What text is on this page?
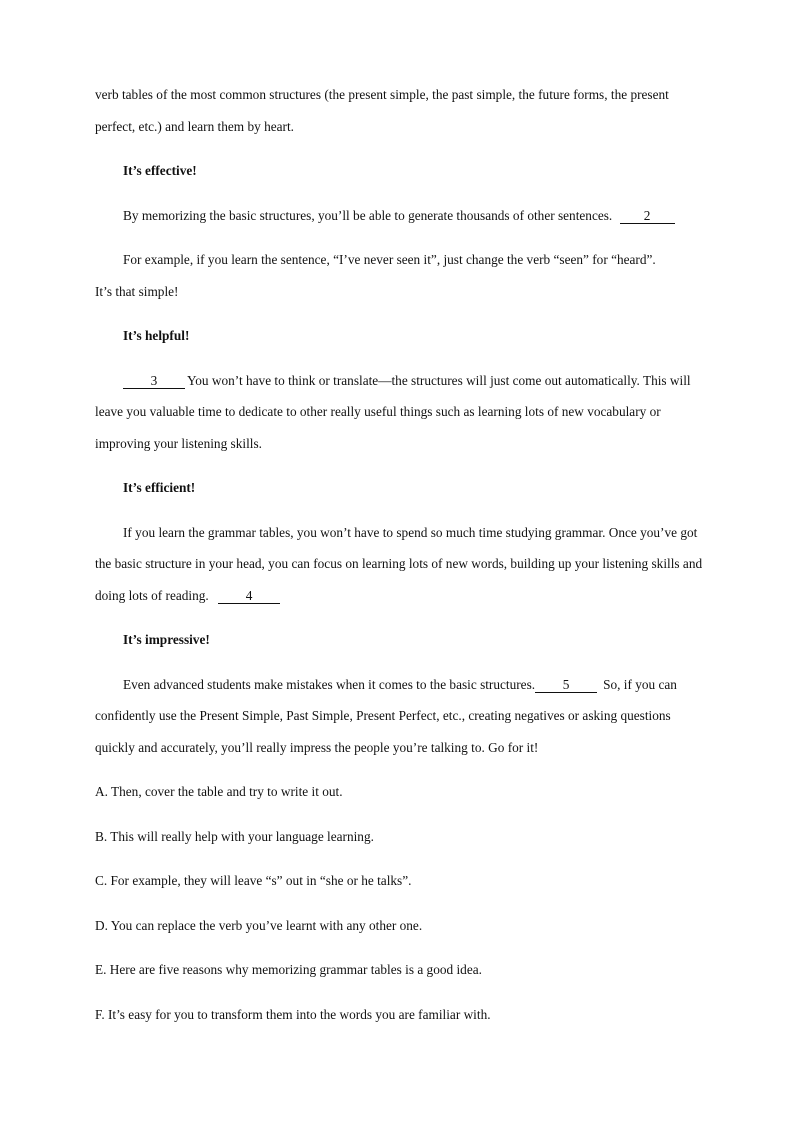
verb tables of the most common structures (the present simple, the past simple, the future forms, the present
perfect, etc.) and learn them by heart.

It’s effective!

By memorizing the basic structures, you’ll be able to generate thousands of other sentences. 2

For example, if you learn the sentence, “I’ve never seen it”, just change the verb “seen” for “heard”.
It’s that simple!

It’s helpful!

3 You won’t have to think or translate—the structures will just come out automatically. This will leave you valuable time to dedicate to other really useful things such as learning lots of new vocabulary or improving your listening skills.

It’s efficient!

If you learn the grammar tables, you won’t have to spend so much time studying grammar. Once you’ve got the basic structure in your head, you can focus on learning lots of new words, building up your listening skills and doing lots of reading.	4

It’s impressive!

Even advanced students make mistakes when it comes to the basic structures. 5	So, if you can confidently use the Present Simple, Past Simple, Present Perfect, etc., creating negatives or asking questions quickly and accurately, you’ll really impress the people you’re talking to. Go for it!

A. Then, cover the table and try to write it out.

B. This will really help with your language learning.

C. For example, they will leave “s” out in “she or he talks”.

D. You can replace the verb you’ve learnt with any other one.

E. Here are five reasons why memorizing grammar tables is a good idea.

F. It’s easy for you to transform them into the words you are familiar with.
